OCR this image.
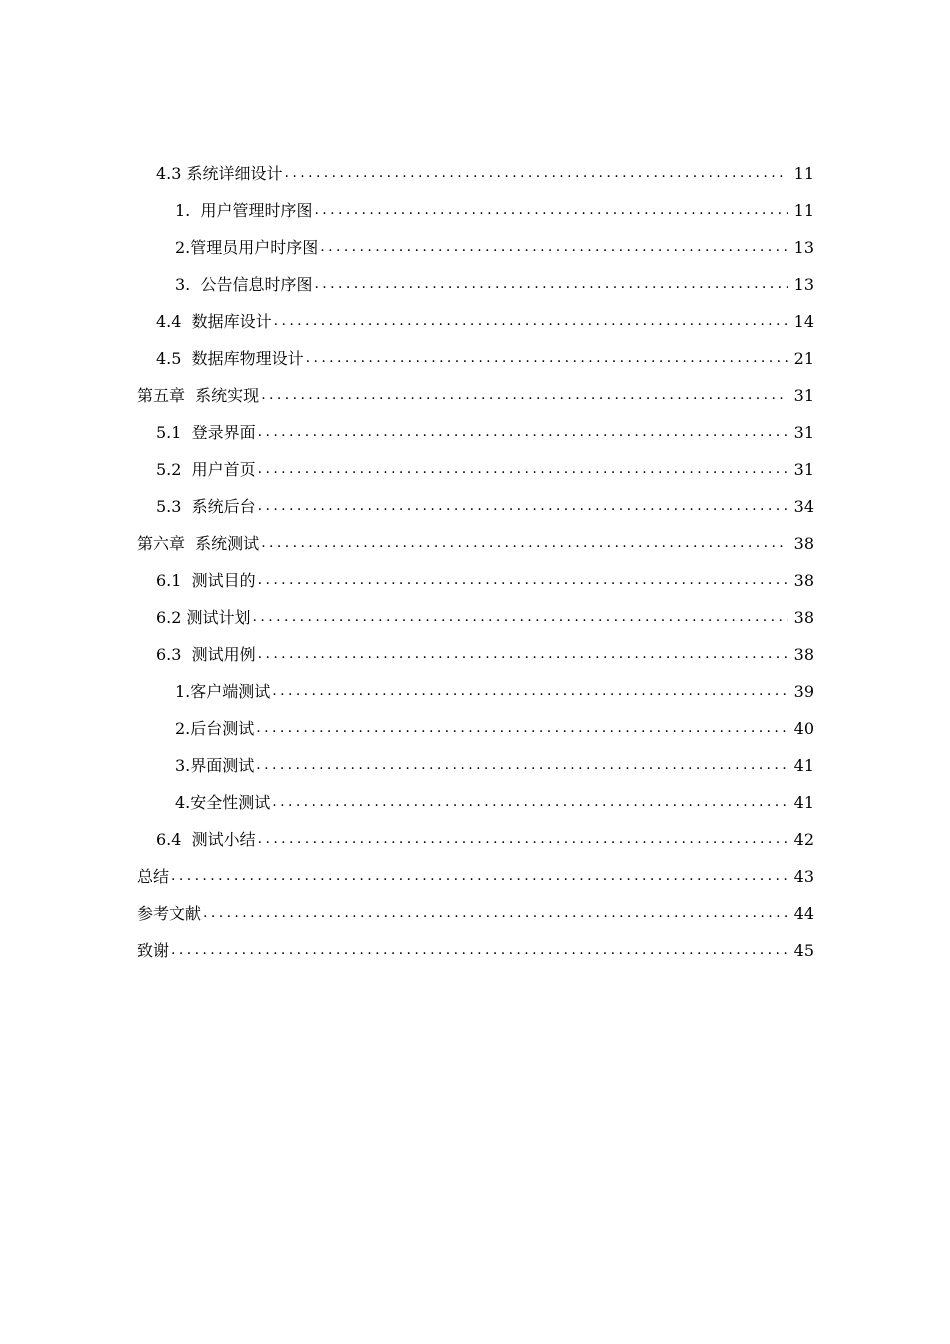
4.3 系统详细设计 .....	11
1.  用户管理时序图 .....	11
2.管理员用户时序图 .....	13
3.  公告信息时序图 .....	13
4.4  数据库设计 .....	14
4.5  数据库物理设计 .....	21
第五章  系统实现 .....	31
5.1  登录界面 .....	31
5.2  用户首页 .....	31
5.3  系统后台 .....	34
第六章  系统测试 .....	38
6.1  测试目的 .....	38
6.2 测试计划 .....	38
6.3  测试用例 .....	38
1.客户端测试 .....	39
2.后台测试 .....	40
3.界面测试 .....	41
4.安全性测试 .....	41
6.4  测试小结 .....	42
总结 .....	43
参考文献 .....	44
致谢 .....	45
